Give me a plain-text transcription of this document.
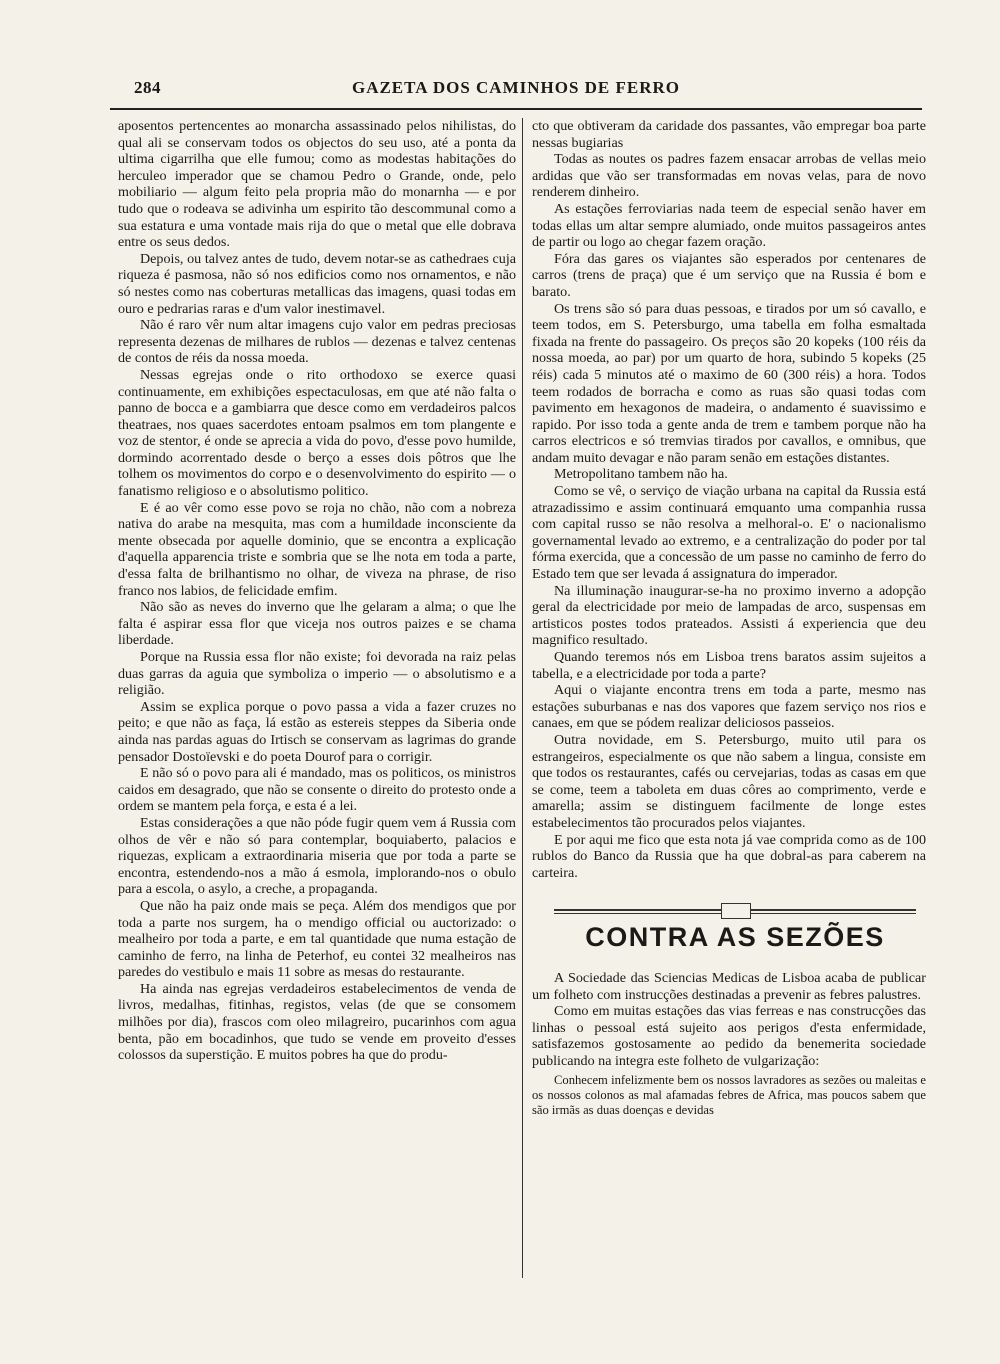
284	GAZETA DOS CAMINHOS DE FERRO

aposentos pertencentes ao monarcha assassinado pelos nihilistas, do qual ali se conservam todos os objectos do seu uso, até a ponta da ultima cigarrilha que elle fumou; como as modestas habitações do herculeo imperador que se chamou Pedro o Grande, onde, pelo mobiliario — algum feito pela propria mão do monarnha — e por tudo que o rodeava se adivinha um espirito tão descommunal como a sua estatura e uma vontade mais rija do que o metal que elle dobrava entre os seus dedos.

Depois, ou talvez antes de tudo, devem notar-se as cathedraes cuja riqueza é pasmosa, não só nos edificios como nos ornamentos, e não só nestes como nas coberturas metallicas das imagens, quasi todas em ouro e pedrarias raras e d'um valor inestimavel.

Não é raro vêr num altar imagens cujo valor em pedras preciosas representa dezenas de milhares de rublos — dezenas e talvez centenas de contos de réis da nossa moeda.

Nessas egrejas onde o rito orthodoxo se exerce quasi continuamente, em exhibições espectaculosas, em que até não falta o panno de bocca e a gambiarra que desce como em verdadeiros palcos theatraes, nos quaes sacerdotes entoam psalmos em tom plangente e voz de stentor, é onde se aprecia a vida do povo, d'esse povo humilde, dormindo acorrentado desde o berço a esses dois pôtros que lhe tolhem os movimentos do corpo e o desenvolvimento do espirito — o fanatismo religioso e o absolutismo politico.

E é ao vêr como esse povo se roja no chão, não com a nobreza nativa do arabe na mesquita, mas com a humildade inconsciente da mente obsecada por aquelle dominio, que se encontra a explicação d'aquella apparencia triste e sombria que se lhe nota em toda a parte, d'essa falta de brilhantismo no olhar, de viveza na phrase, de riso franco nos labios, de felicidade emfim.

Não são as neves do inverno que lhe gelaram a alma; o que lhe falta é aspirar essa flor que viceja nos outros paizes e se chama liberdade.

Porque na Russia essa flor não existe; foi devorada na raiz pelas duas garras da aguia que symboliza o imperio — o absolutismo e a religião.

Assim se explica porque o povo passa a vida a fazer cruzes no peito; e que não as faça, lá estão as estereis steppes da Siberia onde ainda nas pardas aguas do Irtisch se conservam as lagrimas do grande pensador Dostoïevski e do poeta Dourof para o corrigir.

E não só o povo para ali é mandado, mas os politicos, os ministros caidos em desagrado, que não se consente o direito do protesto onde a ordem se mantem pela força, e esta é a lei.

Estas considerações a que não póde fugir quem vem á Russia com olhos de vêr e não só para contemplar, boquiaberto, palacios e riquezas, explicam a extraordinaria miseria que por toda a parte se encontra, estendendo-nos a mão á esmola, implorando-nos o obulo para a escola, o asylo, a creche, a propaganda.

Que não ha paiz onde mais se peça. Além dos mendigos que por toda a parte nos surgem, ha o mendigo official ou auctorizado: o mealheiro por toda a parte, e em tal quantidade que numa estação de caminho de ferro, na linha de Peterhof, eu contei 32 mealheiros nas paredes do vestibulo e mais 11 sobre as mesas do restaurante.

Ha ainda nas egrejas verdadeiros estabelecimentos de venda de livros, medalhas, fitinhas, registos, velas (de que se consomem milhões por dia), frascos com oleo milagreiro, pucarinhos com agua benta, pão em bocadinhos, que tudo se vende em proveito d'esses colossos da superstição. E muitos pobres ha que do produ-

cto que obtiveram da caridade dos passantes, vão empregar boa parte nessas bugiarias

Todas as noutes os padres fazem ensacar arrobas de vellas meio ardidas que vão ser transformadas em novas velas, para de novo renderem dinheiro.

As estações ferroviarias nada teem de especial senão haver em todas ellas um altar sempre alumiado, onde muitos passageiros antes de partir ou logo ao chegar fazem oração.

Fóra das gares os viajantes são esperados por centenares de carros (trens de praça) que é um serviço que na Russia é bom e barato.

Os trens são só para duas pessoas, e tirados por um só cavallo, e teem todos, em S. Petersburgo, uma tabella em folha esmaltada fixada na frente do passageiro. Os preços são 20 kopeks (100 réis da nossa moeda, ao par) por um quarto de hora, subindo 5 kopeks (25 réis) cada 5 minutos até o maximo de 60 (300 réis) a hora. Todos teem rodados de borracha e como as ruas são quasi todas com pavimento em hexagonos de madeira, o andamento é suavissimo e rapido. Por isso toda a gente anda de trem e tambem porque não ha carros electricos e só tremvias tirados por cavallos, e omnibus, que andam muito devagar e não param senão em estações distantes.

Metropolitano tambem não ha.

Como se vê, o serviço de viação urbana na capital da Russia está atrazadissimo e assim continuará emquanto uma companhia russa com capital russo se não resolva a melhoral-o. E' o nacionalismo governamental levado ao extremo, e a centralização do poder por tal fórma exercida, que a concessão de um passe no caminho de ferro do Estado tem que ser levada á assignatura do imperador.

Na illuminação inaugurar-se-ha no proximo inverno a adopção geral da electricidade por meio de lampadas de arco, suspensas em artisticos postes todos prateados. Assisti á experiencia que deu magnifico resultado.

Quando teremos nós em Lisboa trens baratos assim sujeitos a tabella, e a electricidade por toda a parte?

Aqui o viajante encontra trens em toda a parte, mesmo nas estações suburbanas e nas dos vapores que fazem serviço nos rios e canaes, em que se pódem realizar deliciosos passeios.

Outra novidade, em S. Petersburgo, muito util para os estrangeiros, especialmente os que não sabem a lingua, consiste em que todos os restaurantes, cafés ou cervejarias, todas as casas em que se come, teem a taboleta em duas côres ao comprimento, verde e amarella; assim se distinguem facilmente de longe estes estabelecimentos tão procurados pelos viajantes.

E por aqui me fico que esta nota já vae comprida como as de 100 rublos do Banco da Russia que ha que dobral-as para caberem na carteira.

CONTRA AS SEZÕES

A Sociedade das Sciencias Medicas de Lisboa acaba de publicar um folheto com instrucções destinadas a prevenir as febres palustres.

Como em muitas estações das vias ferreas e nas construcções das linhas o pessoal está sujeito aos perigos d'esta enfermidade, satisfazemos gostosamente ao pedido da benemerita sociedade publicando na integra este folheto de vulgarização:

Conhecem infelizmente bem os nossos lavradores as sezões ou maleitas e os nossos colonos as mal afamadas febres de Africa, mas poucos sabem que são irmãs as duas doenças e devidas
